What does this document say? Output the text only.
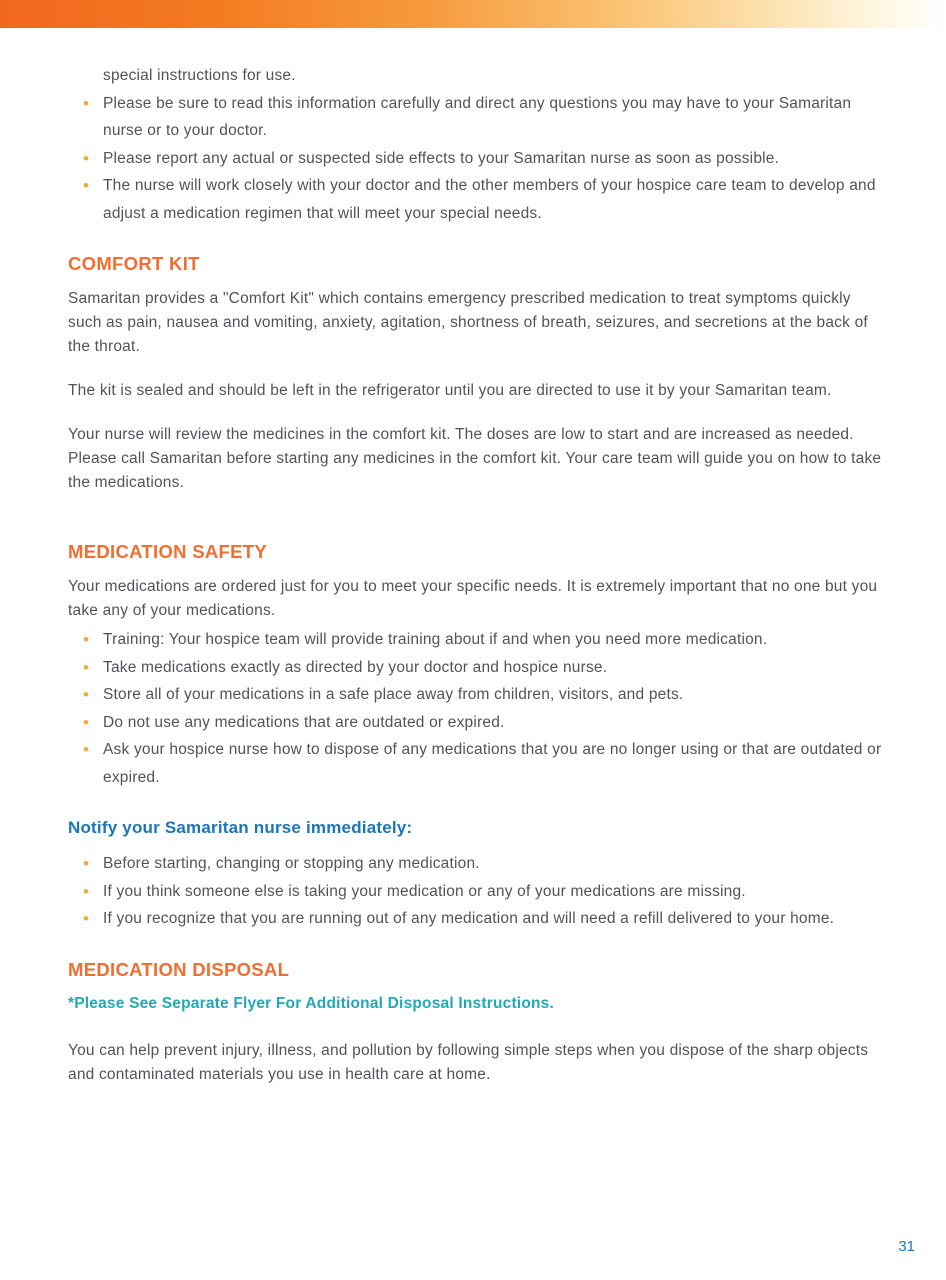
special instructions for use.

• Please be sure to read this information carefully and direct any questions you may have to your Samaritan nurse or to your doctor.
• Please report any actual or suspected side effects to your Samaritan nurse as soon as possible.
• The nurse will work closely with your doctor and the other members of your hospice care team to develop and adjust a medication regimen that will meet your special needs.
COMFORT KIT

Samaritan provides a "Comfort Kit" which contains emergency prescribed medication to treat symptoms quickly such as pain, nausea and vomiting, anxiety, agitation, shortness of breath, seizures, and secretions at the back of the throat.

The kit is sealed and should be left in the refrigerator until you are directed to use it by your Samaritan team.

Your nurse will review the medicines in the comfort kit. The doses are low to start and are increased as needed. Please call Samaritan before starting any medicines in the comfort kit. Your care team will guide you on how to take the medications.

MEDICATION SAFETY

Your medications are ordered just for you to meet your specific needs. It is extremely important that no one but you take any of your medications.

• Training: Your hospice team will provide training about if and when you need more medication.
• Take medications exactly as directed by your doctor and hospice nurse.
• Store all of your medications in a safe place away from children, visitors, and pets.
• Do not use any medications that are outdated or expired.
• Ask your hospice nurse how to dispose of any medications that you are no longer using or that are outdated or expired.
Notify your Samaritan nurse immediately:
• Before starting, changing or stopping any medication.
• If you think someone else is taking your medication or any of your medications are missing.
• If you recognize that you are running out of any medication and will need a refill delivered to your home.
MEDICATION DISPOSAL

*Please See Separate Flyer For Additional Disposal Instructions.

You can help prevent injury, illness, and pollution by following simple steps when you dispose of the sharp objects and contaminated materials you use in health care at home.

31
